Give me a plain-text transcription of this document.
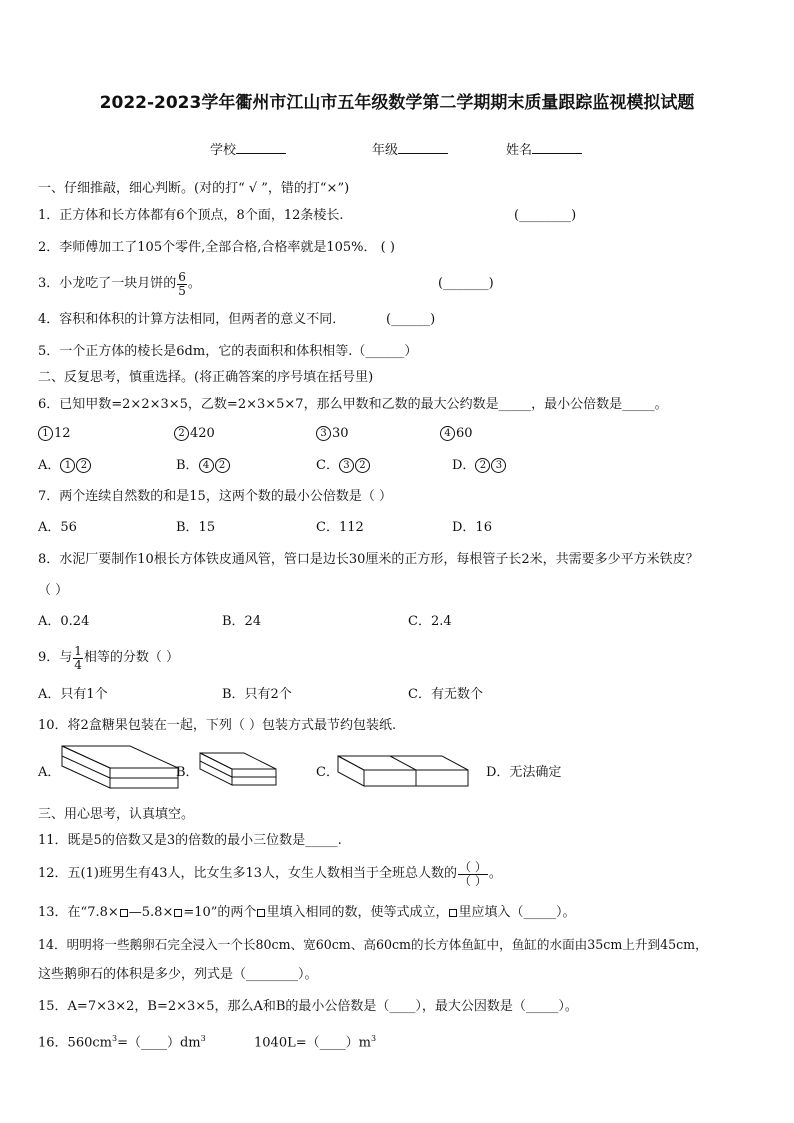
2022-2023学年衢州市江山市五年级数学第二学期期末质量跟踪监视模拟试题
学校	年级	姓名
一、仔细推敲，细心判断。(对的打“ √ ”，错的打“×”)
1．正方体和长方体都有6个顶点，8个面，12条棱长.	(________)
2．李师傅加工了105个零件,全部合格,合格率就是105%． ( )
3．小龙吃了一块月饼的 $\frac{6}{5}$ 。	(_______)
4．容积和体积的计算方法相同，但两者的意义不同．	(______)
5．一个正方体的棱长是6dm，它的表面积和体积相等.（______）
二、反复思考，慎重选择。(将正确答案的序号填在括号里)
6．已知甲数=2×2×3×5，乙数=2×3×5×7，那么甲数和乙数的最大公约数是_____，最小公倍数是_____。
1 12	2 420	3 30	4 60
A． 1 2	B． 4 2	C． 3 2	D． 2 3
7．两个连续自然数的和是15，这两个数的最小公倍数是（ ）
A．56	B．15	C．112	D．16
8．水泥厂要制作10根长方体铁皮通风管，管口是边长30厘米的正方形，每根管子长2米，共需要多少平方米铁皮？
（ ）
A．0.24	B．24	C．2.4
9．与 $\frac{1}{4}$ 相等的分数（ ）
A．只有1个	B．只有2个	C．有无数个
10．将2盒糖果包装在一起，下列（ ）包装方式最节约包装纸.
A．	B．	C．	D．无法确定
三、用心思考，认真填空。
11．既是5的倍数又是3的倍数的最小三位数是_____.
12．五(1)班男生有43人，比女生多13人，女生人数相当于全班总人数的 $\frac{( )}{( )}$ 。
13．在“7.8× —5.8× =10”的两个 里填入相同的数，使等式成立， 里应填入（_____）。
14．明明将一些鹅卵石完全浸入一个长80cm、宽60cm、高60cm的长方体鱼缸中，鱼缸的水面由35cm上升到45cm，
这些鹅卵石的体积是多少，列式是（________）。
15．A=7×3×2，B=2×3×5，那么A和B的最小公倍数是（____），最大公因数是（_____）。
16．$560cm^3=(\_\_\_\_)dm^3$	$1040L=(\_\_\_\_)m^3$
